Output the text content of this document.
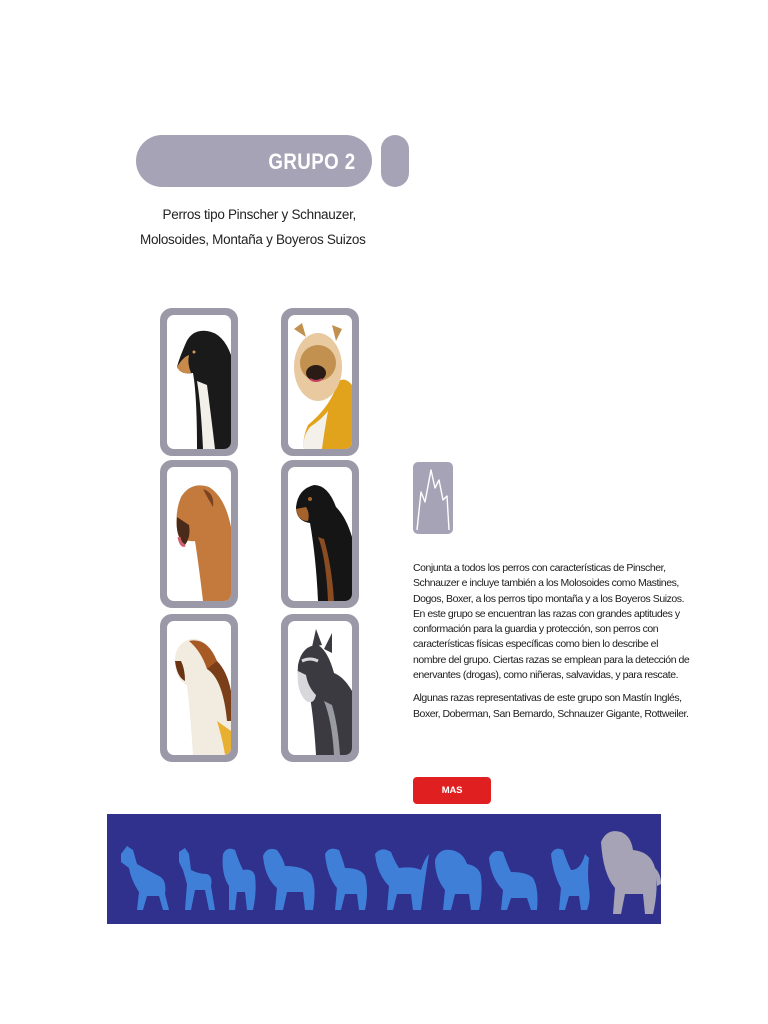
GRUPO 2
Perros tipo Pinscher y Schnauzer,
Molosoides, Montaña y Boyeros Suizos

Conjunta a todos los perros con características de Pinscher,

Schnauzer e incluye también a los Molosoides como Mastines,

Dogos, Boxer, a los perros tipo montaña y a los Boyeros Suizos.

En este grupo se encuentran las razas con grandes aptitudes y

conformación para la guardia y protección, son perros con

características físicas específicas como bien lo describe el

nombre del grupo. Ciertas razas se emplean para la detección de

enervantes (drogas), como niñeras, salvavidas, y para rescate.

Algunas razas representativas de este grupo son Mastín Inglés,

Boxer, Doberman, San Bernardo, Schnauzer Gigante, Rottweiler.

MAS
